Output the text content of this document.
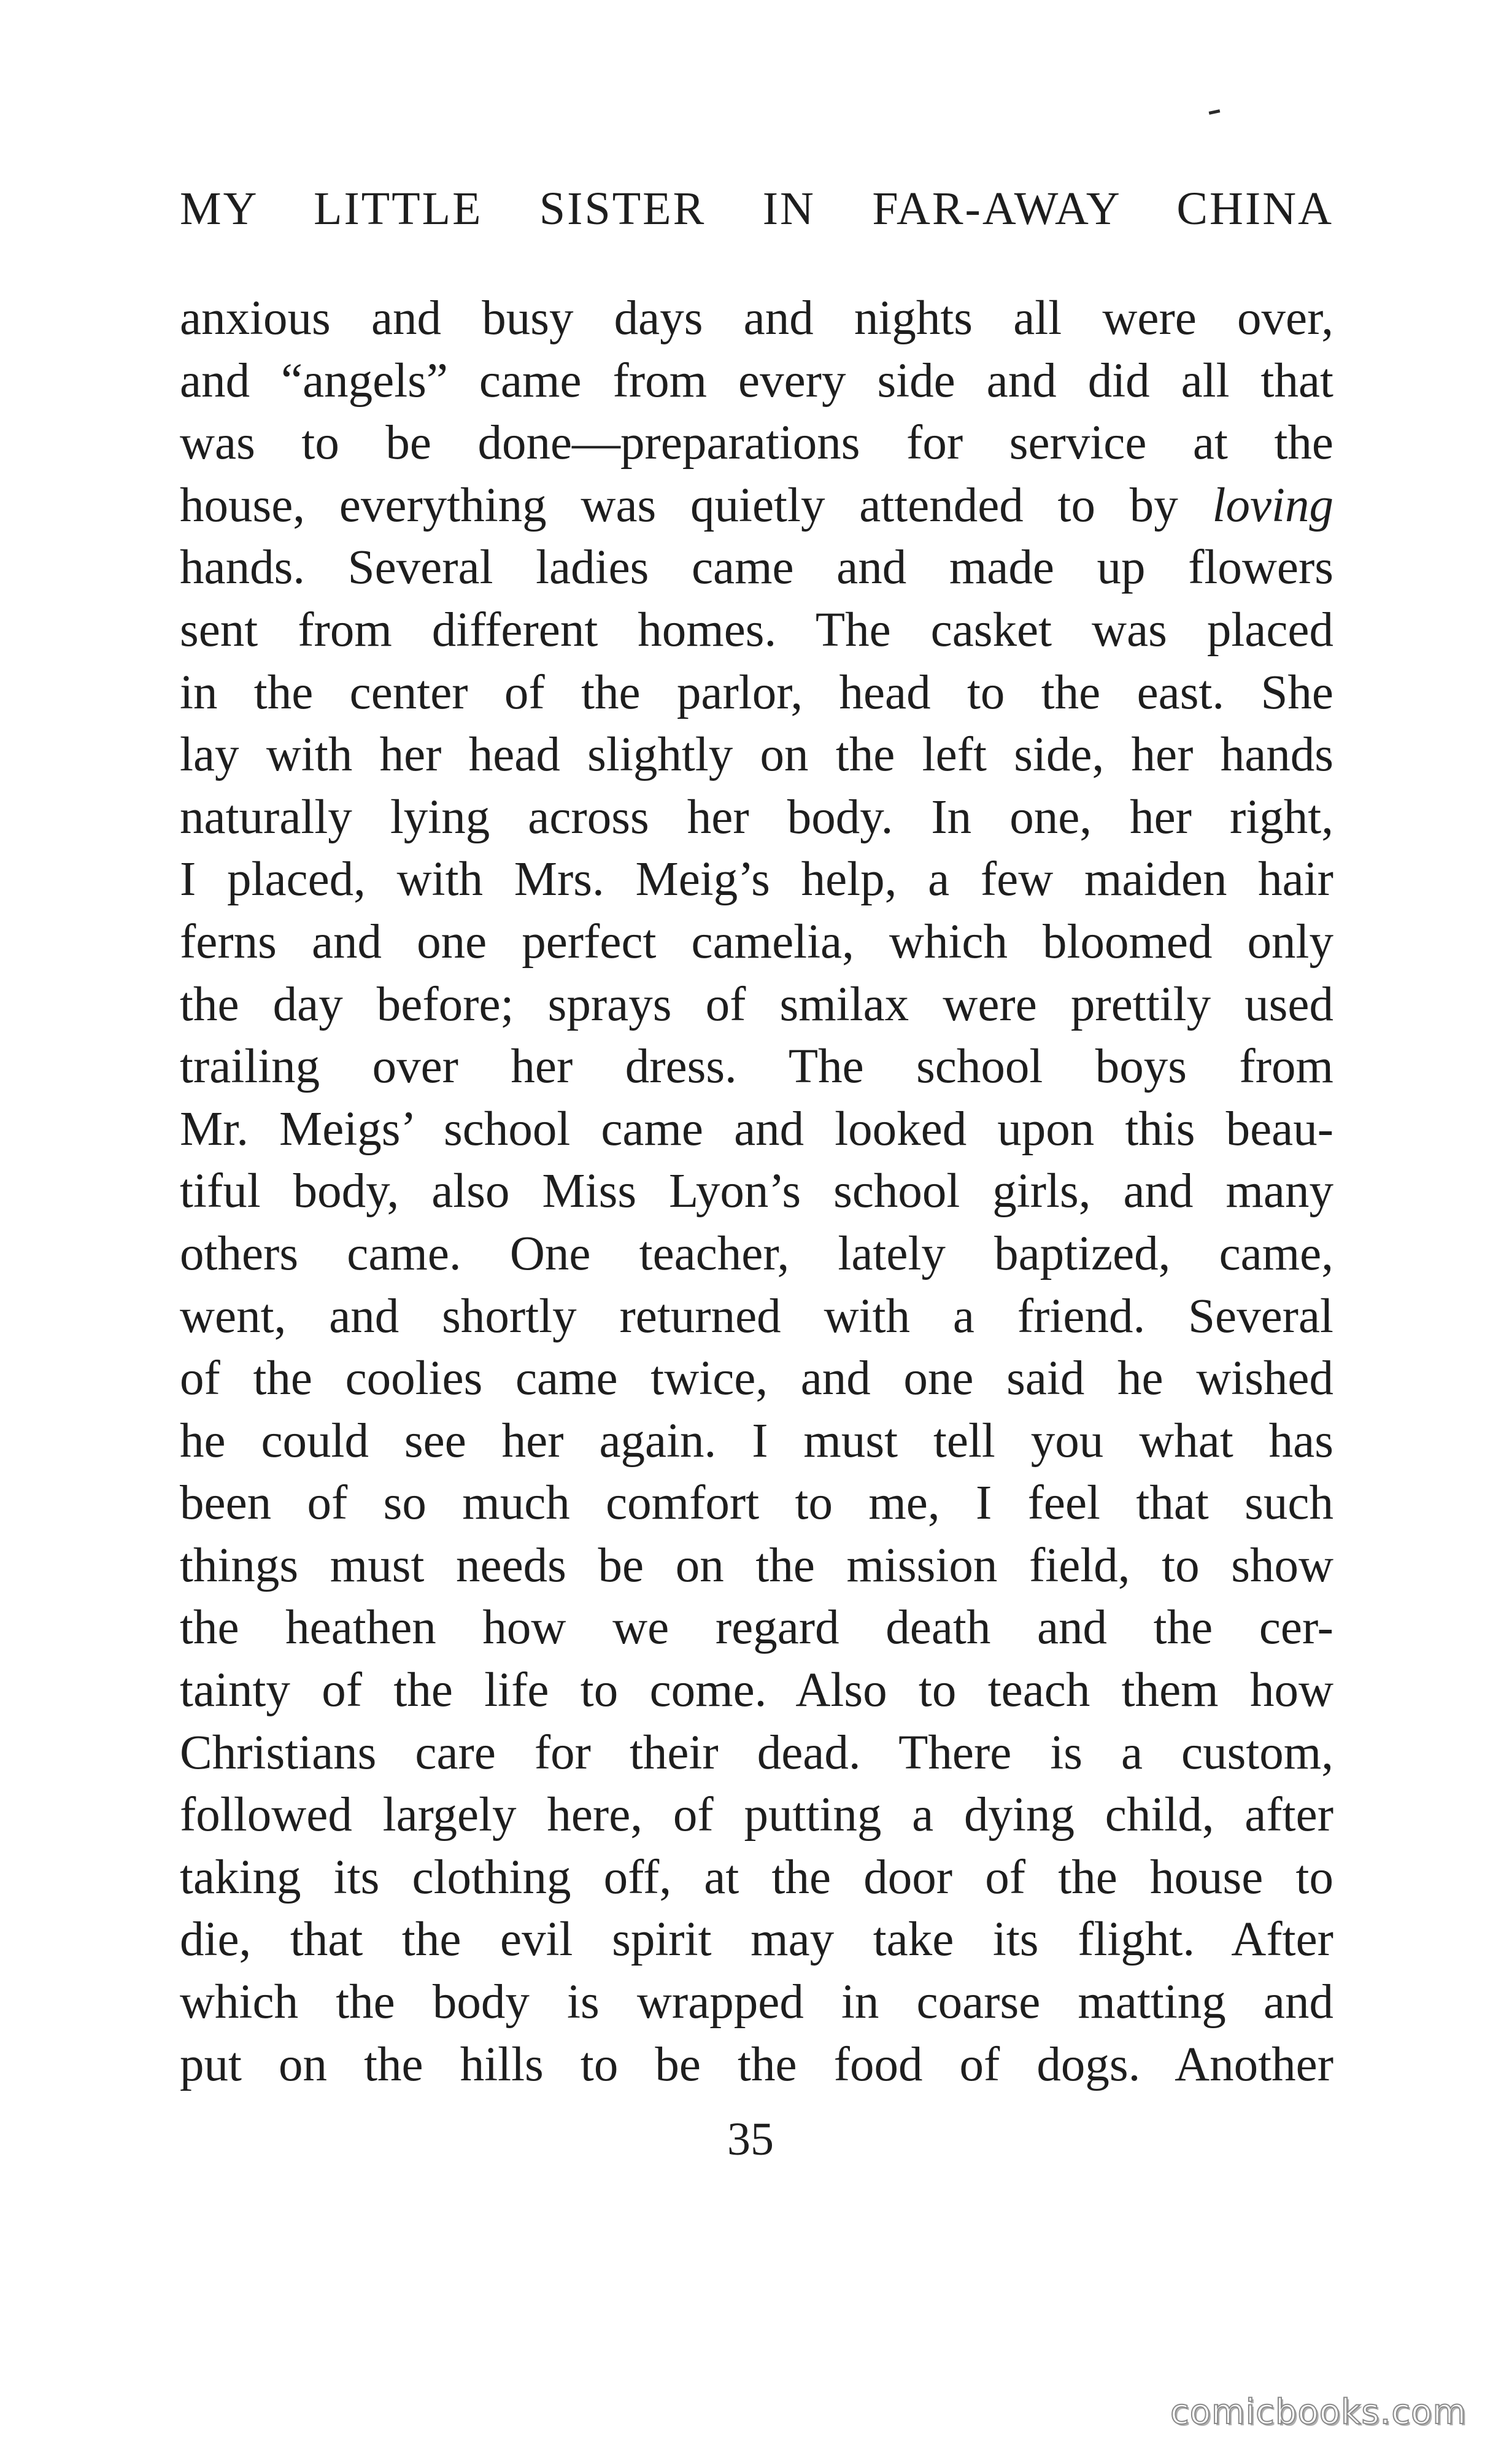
MY LITTLE SISTER IN FAR-AWAY CHINA
anxious and busy days and nights all were over,
and “angels” came from every side and did all that
was to be done—preparations for service at the
house, everything was quietly attended to by loving
hands. Several ladies came and made up flowers
sent from different homes. The casket was placed
in the center of the parlor, head to the east. She
lay with her head slightly on the left side, her hands
naturally lying across her body. In one, her right,
I placed, with Mrs. Meig’s help, a few maiden hair
ferns and one perfect camelia, which bloomed only
the day before; sprays of smilax were prettily used
trailing over her dress. The school boys from
Mr. Meigs’ school came and looked upon this beau-
tiful body, also Miss Lyon’s school girls, and many
others came. One teacher, lately baptized, came,
went, and shortly returned with a friend. Several
of the coolies came twice, and one said he wished
he could see her again. I must tell you what has
been of so much comfort to me, I feel that such
things must needs be on the mission field, to show
the heathen how we regard death and the cer-
tainty of the life to come. Also to teach them how
Christians care for their dead. There is a custom,
followed largely here, of putting a dying child, after
taking its clothing off, at the door of the house to
die, that the evil spirit may take its flight. After
which the body is wrapped in coarse matting and
put on the hills to be the food of dogs. Another
35
comicbooks.com
